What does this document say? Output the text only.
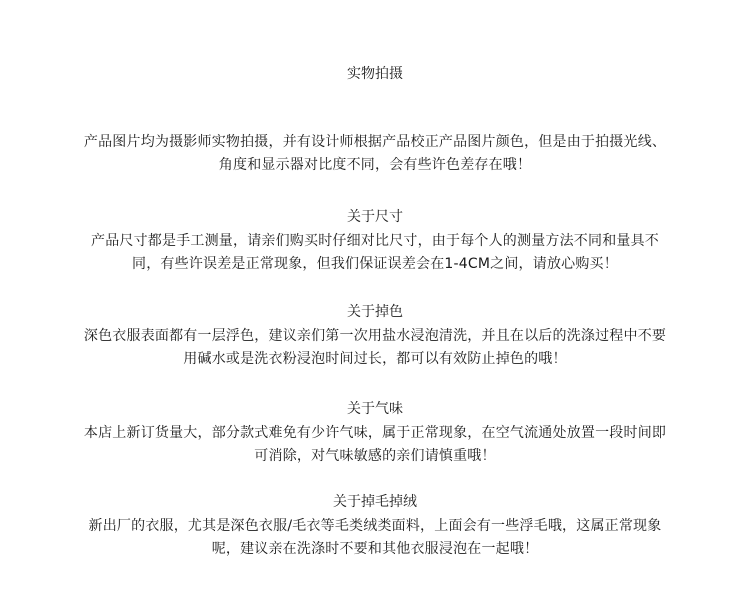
实物拍摄

产品图片均为摄影师实物拍摄，并有设计师根据产品校正产品图片颜色，但是由于拍摄光线、

角度和显示器对比度不同，会有些许色差存在哦！

关于尺寸

产品尺寸都是手工测量，请亲们购买时仔细对比尺寸，由于每个人的测量方法不同和量具不

同，有些许误差是正常现象，但我们保证误差会在1-4CM之间，请放心购买！

关于掉色

深色衣服表面都有一层浮色，建议亲们第一次用盐水浸泡清洗，并且在以后的洗涤过程中不要

用碱水或是洗衣粉浸泡时间过长，都可以有效防止掉色的哦！

关于气味

本店上新订货量大，部分款式难免有少许气味，属于正常现象，在空气流通处放置一段时间即

可消除，对气味敏感的亲们请慎重哦！

关于掉毛掉绒

新出厂的衣服，尤其是深色衣服/毛衣等毛类绒类面料，上面会有一些浮毛哦，这属正常现象

呢，建议亲在洗涤时不要和其他衣服浸泡在一起哦！
